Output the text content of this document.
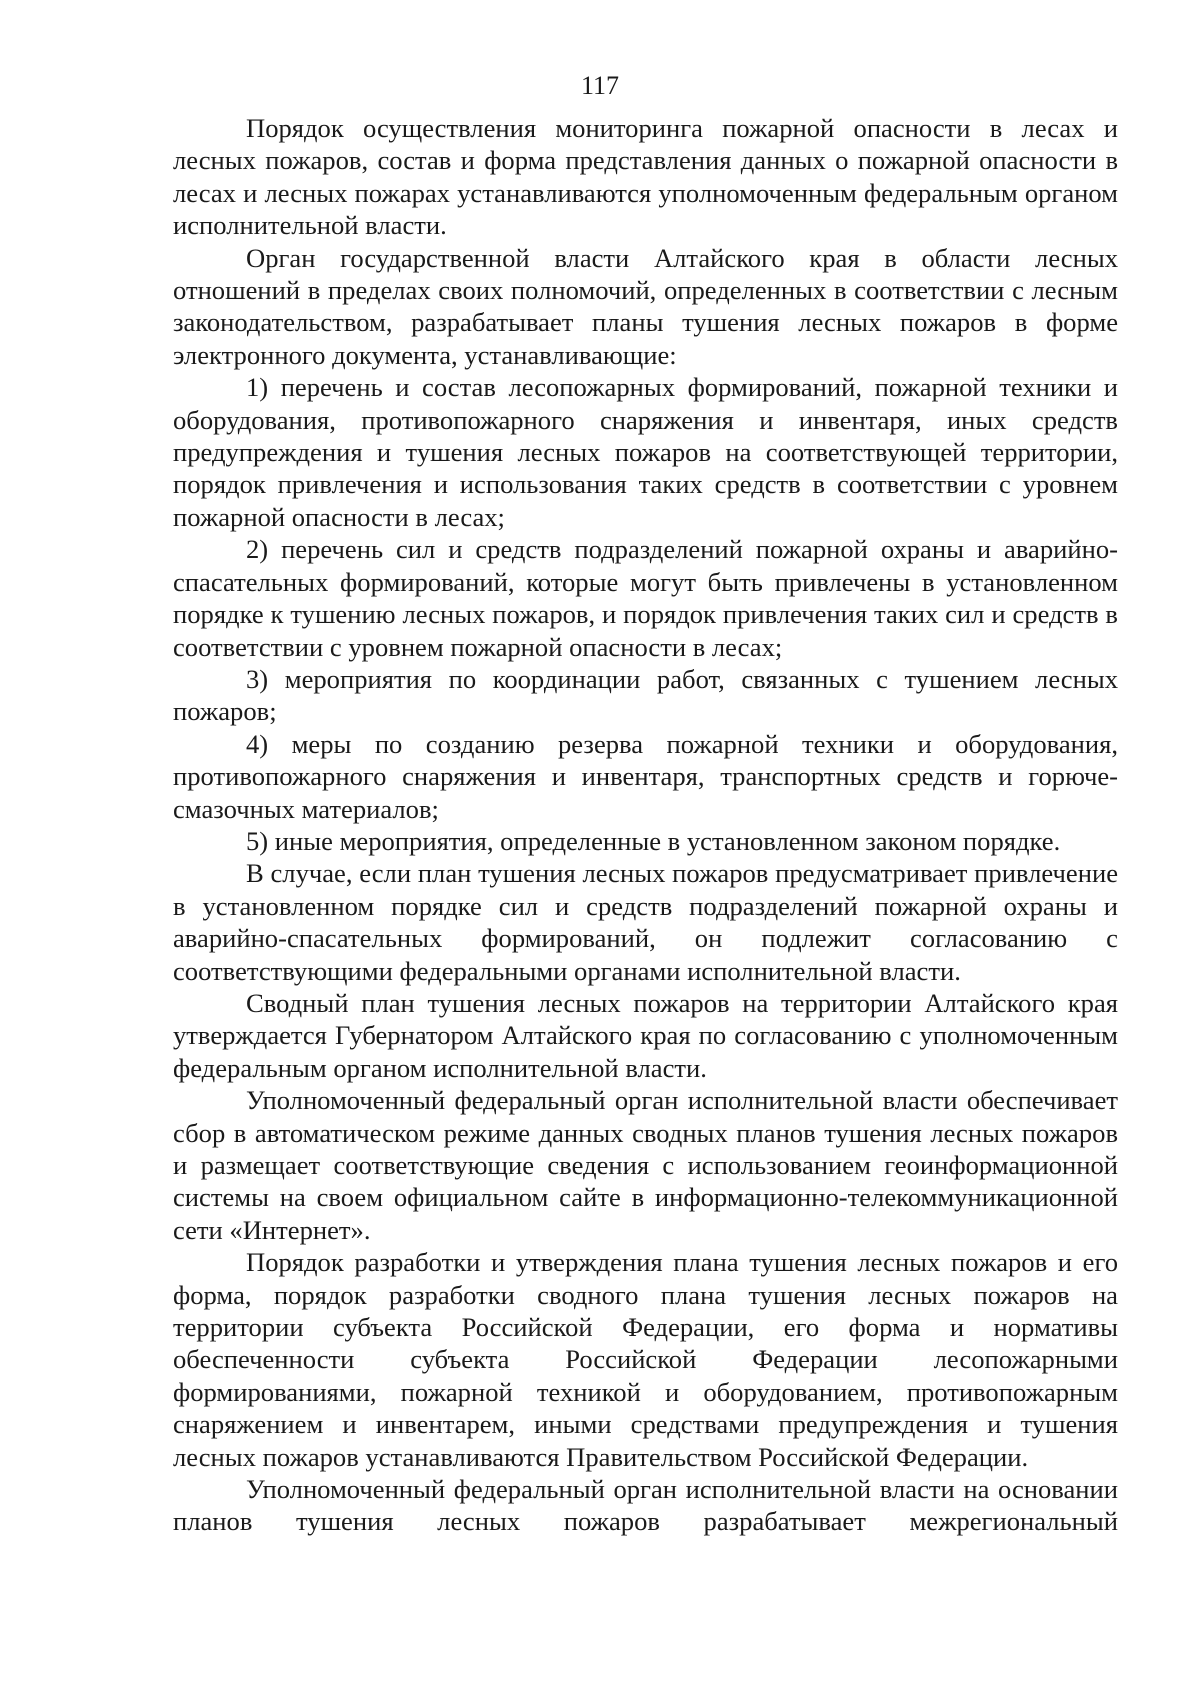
117

Порядок осуществления мониторинга пожарной опасности в лесах и лесных пожаров, состав и форма представления данных о пожарной опасности в лесах и лесных пожарах устанавливаются уполномоченным федеральным органом исполнительной власти.

Орган государственной власти Алтайского края в области лесных отношений в пределах своих полномочий, определенных в соответствии с лесным законодательством, разрабатывает планы тушения лесных пожаров в форме электронного документа, устанавливающие:

1) перечень и состав лесопожарных формирований, пожарной техники и оборудования, противопожарного снаряжения и инвентаря, иных средств предупреждения и тушения лесных пожаров на соответствующей территории, порядок привлечения и использования таких средств в соответствии с уровнем пожарной опасности в лесах;

2) перечень сил и средств подразделений пожарной охраны и аварийно-спасательных формирований, которые могут быть привлечены в установленном порядке к тушению лесных пожаров, и порядок привлечения таких сил и средств в соответствии с уровнем пожарной опасности в лесах;

3) мероприятия по координации работ, связанных с тушением лесных пожаров;

4) меры по созданию резерва пожарной техники и оборудования, противопожарного снаряжения и инвентаря, транспортных средств и горюче-смазочных материалов;

5) иные мероприятия, определенные в установленном законом порядке.

В случае, если план тушения лесных пожаров предусматривает привлечение в установленном порядке сил и средств подразделений пожарной охраны и аварийно-спасательных формирований, он подлежит согласованию с соответствующими федеральными органами исполнительной власти.

Сводный план тушения лесных пожаров на территории Алтайского края утверждается Губернатором Алтайского края по согласованию с уполномоченным федеральным органом исполнительной власти.

Уполномоченный федеральный орган исполнительной власти обеспечивает сбор в автоматическом режиме данных сводных планов тушения лесных пожаров и размещает соответствующие сведения с использованием геоинформационной системы на своем официальном сайте в информационно-телекоммуникационной сети «Интернет».

Порядок разработки и утверждения плана тушения лесных пожаров и его форма, порядок разработки сводного плана тушения лесных пожаров на территории субъекта Российской Федерации, его форма и нормативы обеспеченности субъекта Российской Федерации лесопожарными формированиями, пожарной техникой и оборудованием, противопожарным снаряжением и инвентарем, иными средствами предупреждения и тушения лесных пожаров устанавливаются Правительством Российской Федерации.

Уполномоченный федеральный орган исполнительной власти на основании планов тушения лесных пожаров разрабатывает межрегиональный
